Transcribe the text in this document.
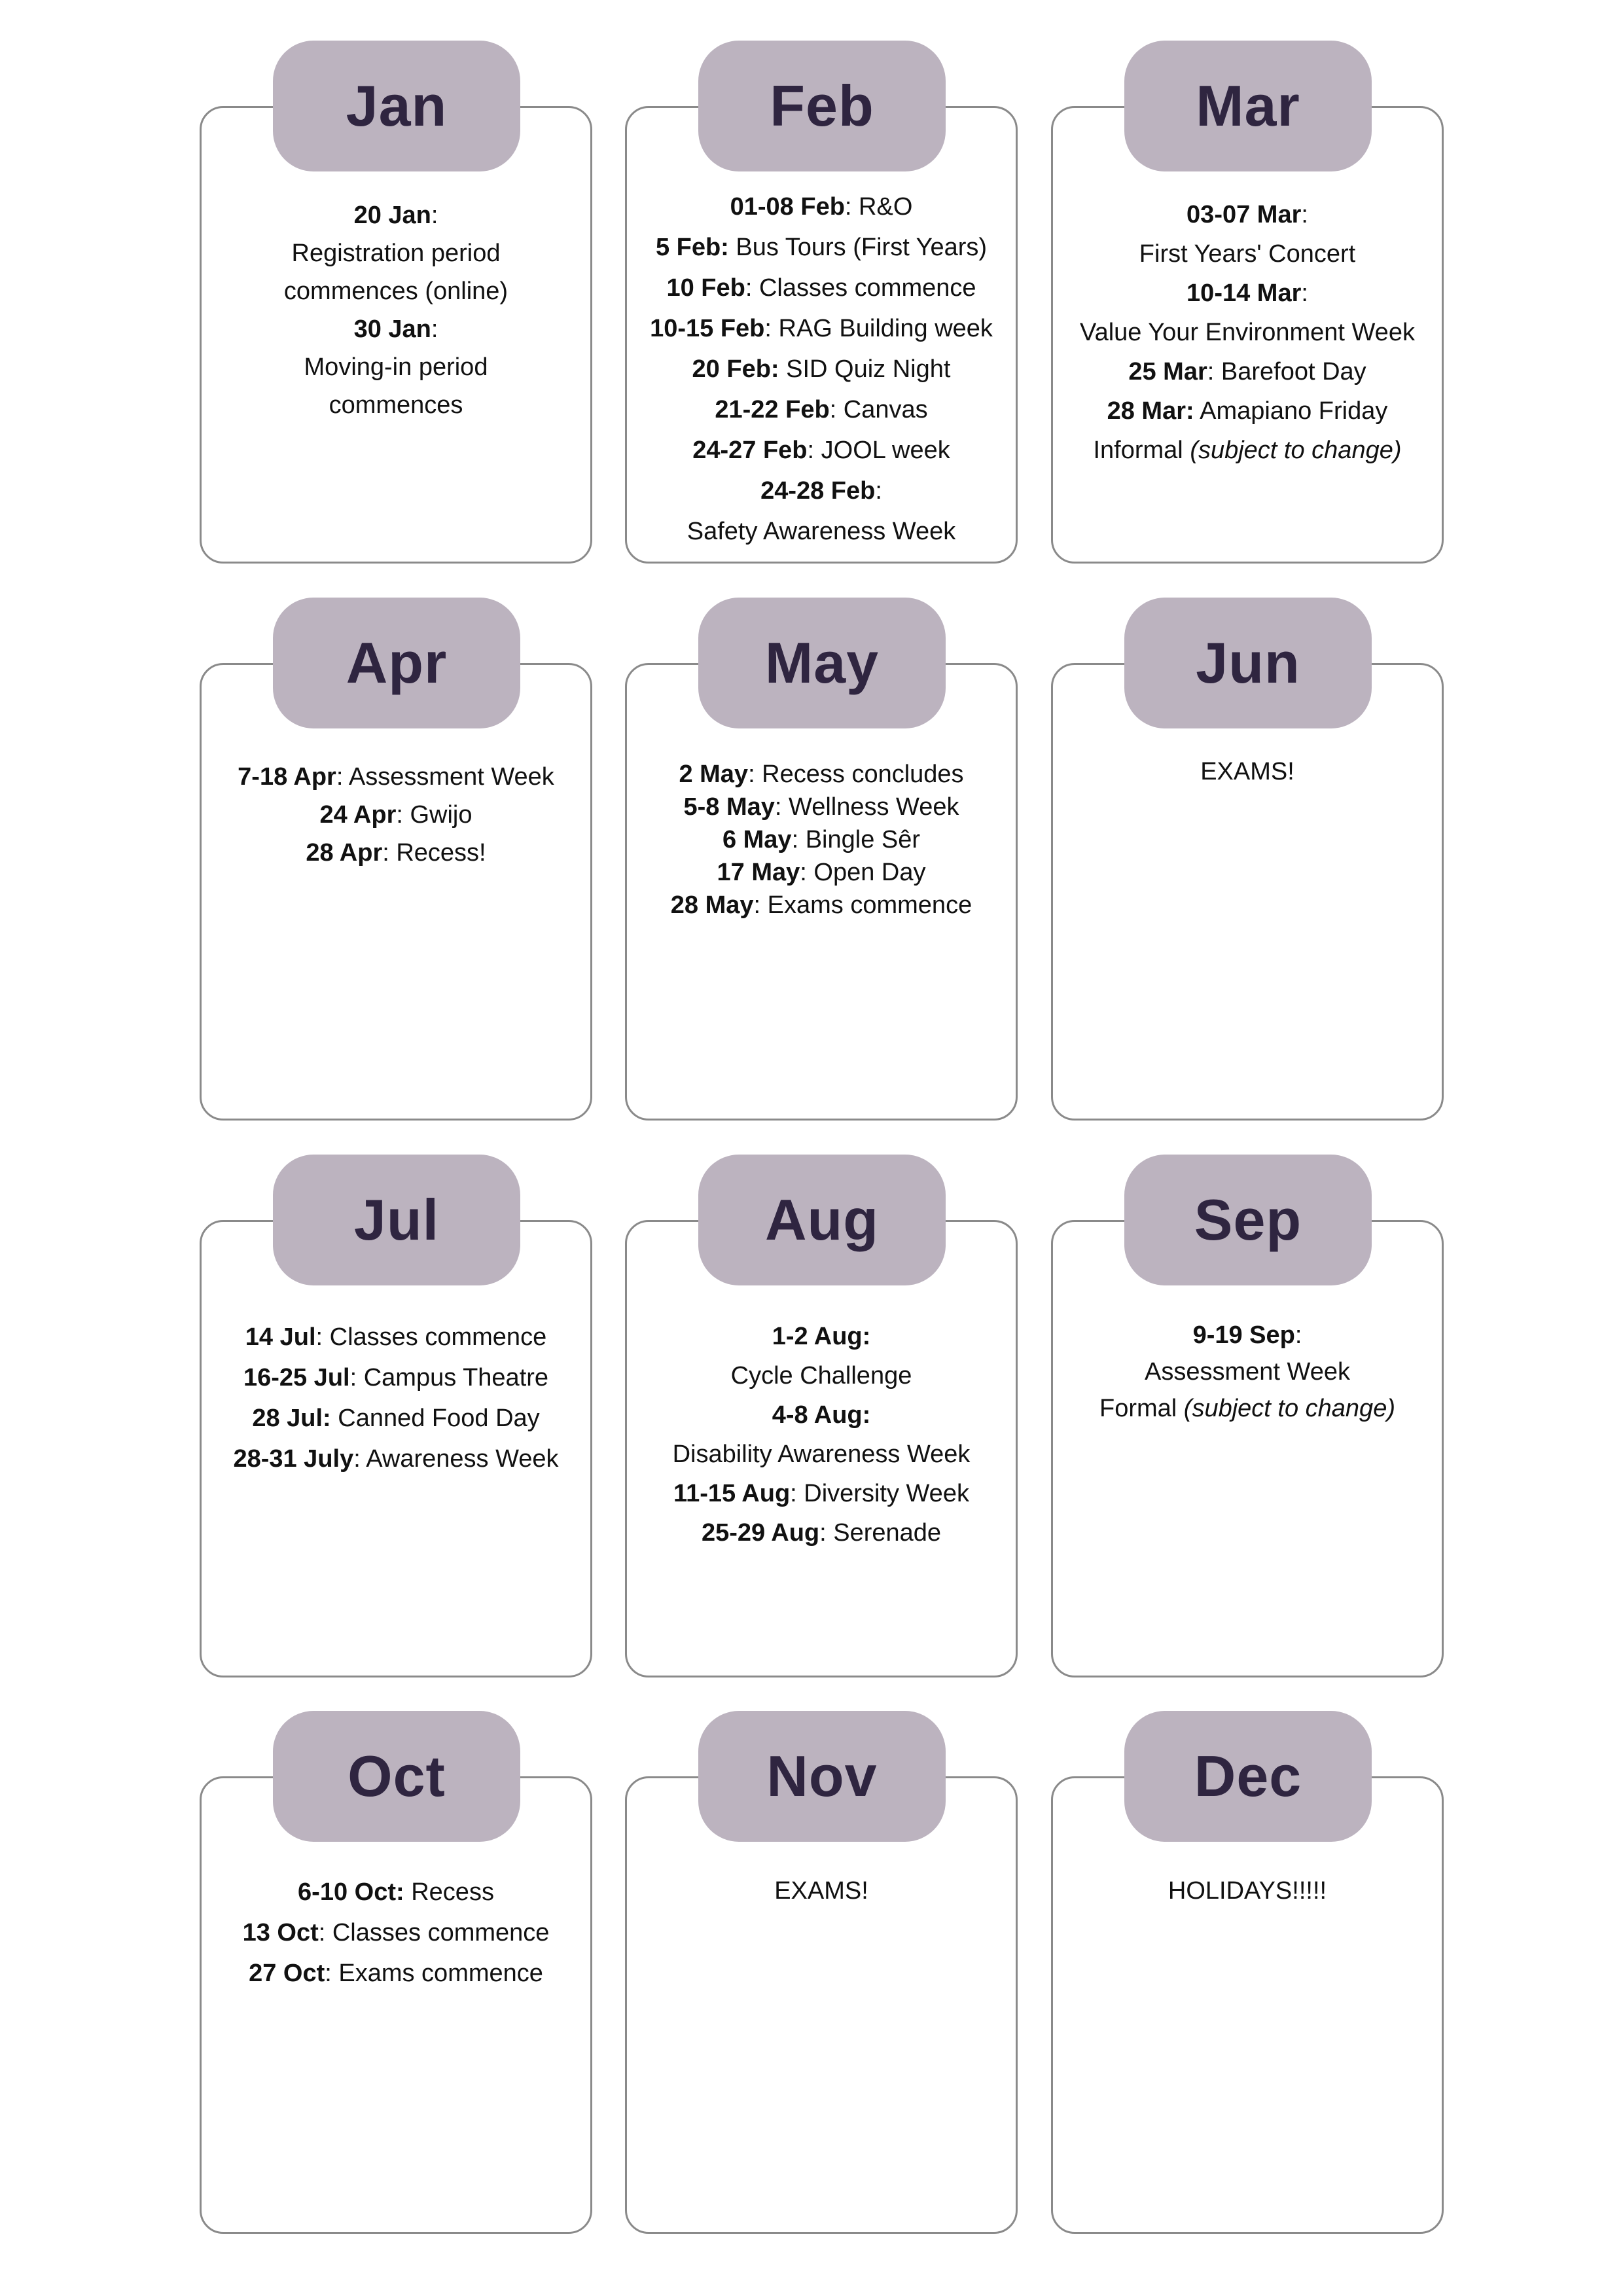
Jan
20 Jan:
Registration period
commences (online)
30 Jan:
Moving-in period
commences
Feb
01-08 Feb: R&O
5 Feb: Bus Tours (First Years)
10 Feb: Classes commence
10-15 Feb: RAG Building week
20 Feb: SID Quiz Night
21-22 Feb: Canvas
24-27 Feb: JOOL week
24-28 Feb:
Safety Awareness Week
Mar
03-07 Mar:
First Years' Concert
10-14 Mar:
Value Your Environment Week
25 Mar: Barefoot Day
28 Mar: Amapiano Friday
Informal (subject to change)
Apr
7-18 Apr: Assessment Week
24 Apr: Gwijo
28 Apr: Recess!
May
2 May: Recess concludes
5-8 May: Wellness Week
6 May: Bingle Sêr
17 May: Open Day
28 May: Exams commence
Jun
EXAMS!
Jul
14 Jul: Classes commence
16-25 Jul: Campus Theatre
28 Jul: Canned Food Day
28-31 July: Awareness Week
Aug
1-2 Aug:
Cycle Challenge
4-8 Aug:
Disability Awareness Week
11-15 Aug: Diversity Week
25-29 Aug: Serenade
Sep
9-19 Sep:
Assessment Week
Formal (subject to change)
Oct
6-10 Oct: Recess
13 Oct: Classes commence
27 Oct: Exams commence
Nov
EXAMS!
Dec
HOLIDAYS!!!!!
